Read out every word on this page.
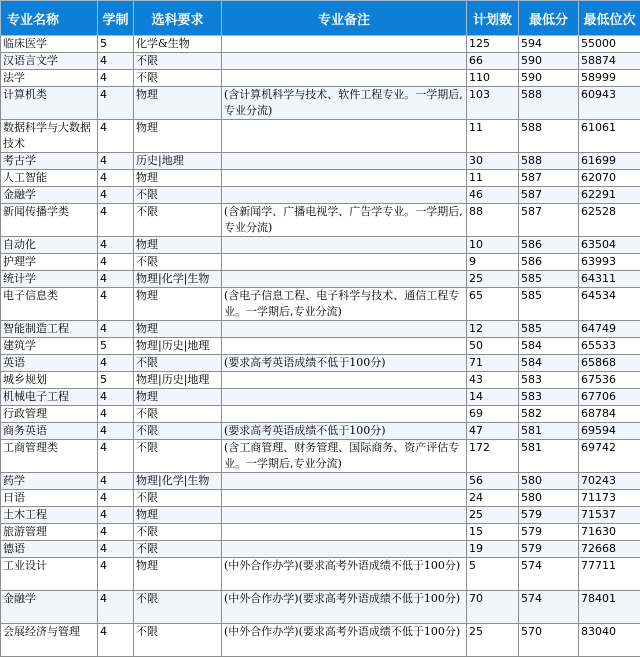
专业名称	学制	选科要求	专业备注	计划数	最低分	最低位次
临床医学	5	化学&生物		125	594	55000
汉语言文学	4	不限		66	590	58874
法学	4	不限		110	590	58999
计算机类	4	物理	(含计算机科学与技术、软件工程专业。一学期后,专业分流)	103	588	60943
数据科学与大数据技术	4	物理		11	588	61061
考古学	4	历史|地理		30	588	61699
人工智能	4	物理		11	587	62070
金融学	4	不限		46	587	62291
新闻传播学类	4	不限	(含新闻学、广播电视学、广告学专业。一学期后,专业分流)	88	587	62528
自动化	4	物理		10	586	63504
护理学	4	不限		9	586	63993
统计学	4	物理|化学|生物		25	585	64311
电子信息类	4	物理	(含电子信息工程、电子科学与技术、通信工程专业。一学期后,专业分流)	65	585	64534
智能制造工程	4	物理		12	585	64749
建筑学	5	物理|历史|地理		50	584	65533
英语	4	不限	(要求高考英语成绩不低于100分)	71	584	65868
城乡规划	5	物理|历史|地理		43	583	67536
机械电子工程	4	物理		14	583	67706
行政管理	4	不限		69	582	68784
商务英语	4	不限	(要求高考英语成绩不低于100分)	47	581	69594
工商管理类	4	不限	(含工商管理、财务管理、国际商务、资产评估专业。一学期后,专业分流)	172	581	69742
药学	4	物理|化学|生物		56	580	70243
日语	4	不限		24	580	71173
土木工程	4	物理		25	579	71537
旅游管理	4	不限		15	579	71630
德语	4	不限		19	579	72668
工业设计	4	物理	(中外合作办学)(要求高考外语成绩不低于100分)	5	574	77711
金融学	4	不限	(中外合作办学)(要求高考外语成绩不低于100分)	70	574	78401
会展经济与管理	4	不限	(中外合作办学)(要求高考外语成绩不低于100分)	25	570	83040
